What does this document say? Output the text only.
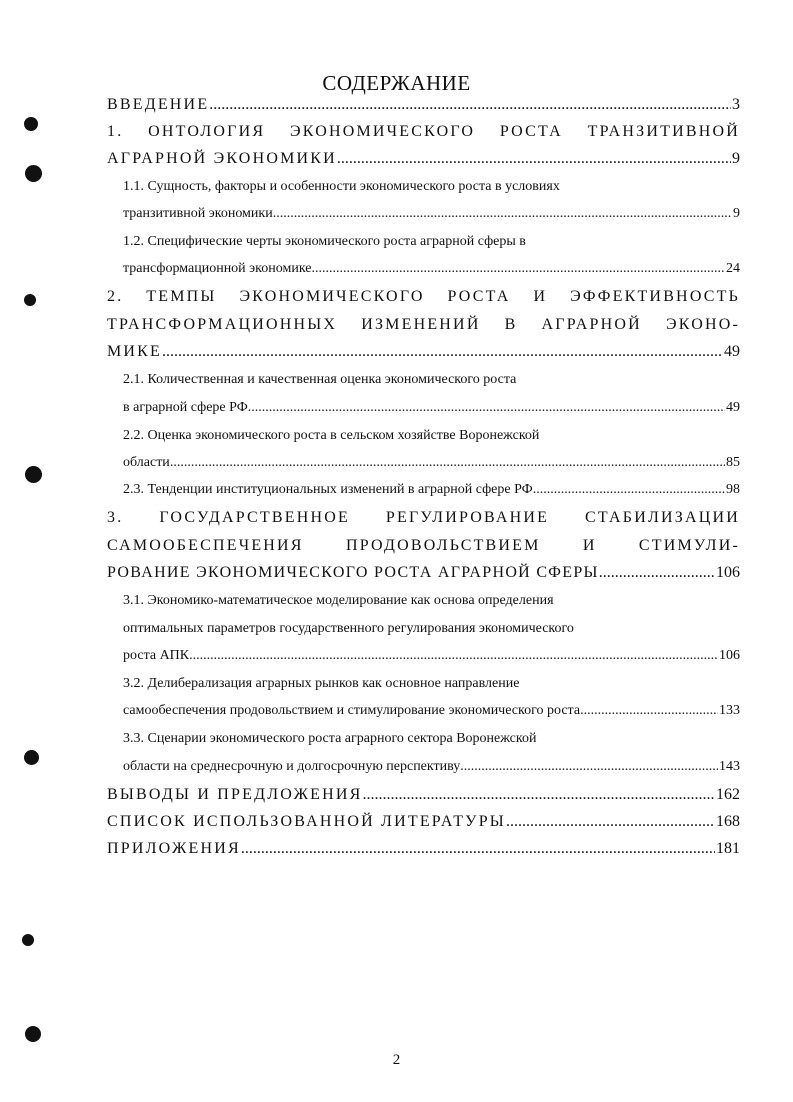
СОДЕРЖАНИЕ
ВВЕДЕНИЕ .....	3
1. ОНТОЛОГИЯ ЭКОНОМИЧЕСКОГО РОСТА ТРАНЗИТИВНОЙ
АГРАРНОЙ ЭКОНОМИКИ .....	9
1.1. Сущность, факторы и особенности экономического роста в условиях
транзитивной экономики .....	9
1.2. Специфические черты экономического роста аграрной сферы в
трансформационной экономике .....	24
2. ТЕМПЫ ЭКОНОМИЧЕСКОГО РОСТА И ЭФФЕКТИВНОСТЬ
ТРАНСФОРМАЦИОННЫХ ИЗМЕНЕНИЙ В АГРАРНОЙ ЭКОНО-
МИКЕ .....	49
2.1. Количественная и качественная оценка экономического роста
в аграрной сфере РФ .....	49
2.2. Оценка экономического роста в сельском хозяйстве Воронежской
области .....	85
2.3. Тенденции институциональных изменений в аграрной сфере РФ .....	98
3. ГОСУДАРСТВЕННОЕ РЕГУЛИРОВАНИЕ СТАБИЛИЗАЦИИ
САМООБЕСПЕЧЕНИЯ ПРОДОВОЛЬСТВИЕМ И СТИМУЛИ-
РОВАНИЕ ЭКОНОМИЧЕСКОГО РОСТА АГРАРНОЙ СФЕРЫ .....	106
3.1. Экономико-математическое моделирование как основа определения
оптимальных параметров государственного регулирования экономического
роста АПК .....	106
3.2. Делиберализация аграрных рынков как основное направление
самообеспечения продовольствием и стимулирование экономического роста .....	133
3.3. Сценарии экономического роста аграрного сектора Воронежской
области на среднесрочную и долгосрочную перспективу .....	143
ВЫВОДЫ И ПРЕДЛОЖЕНИЯ .....	162
СПИСОК ИСПОЛЬЗОВАННОЙ ЛИТЕРАТУРЫ .....	168
ПРИЛОЖЕНИЯ .....	181
2
